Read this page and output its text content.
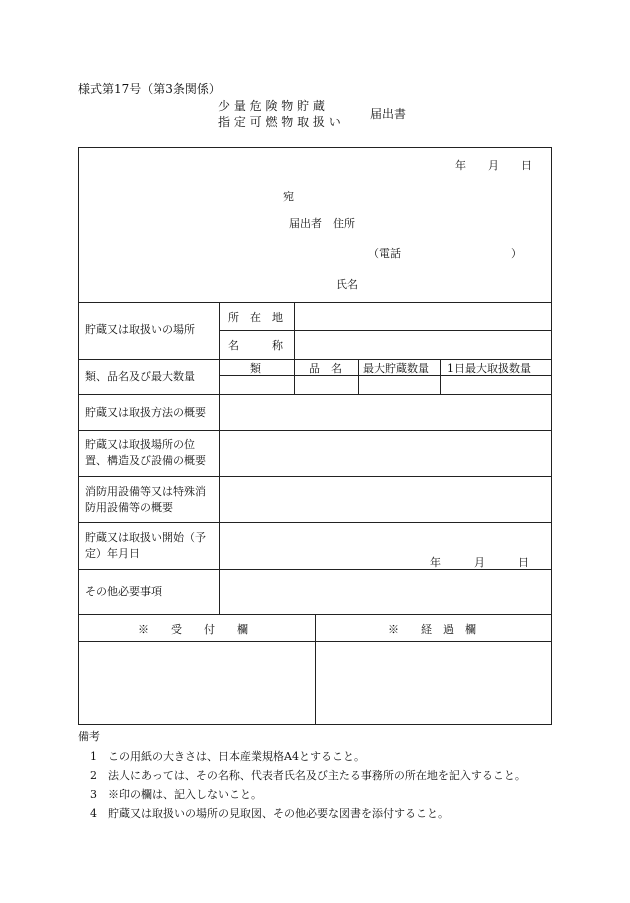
様式第17号（第3条関係）
少 量 危 険 物 貯 蔵
指 定 可 燃 物 取 扱 い
届出書
年　　月　　日
宛
届出者　住所
（電話　　　　　　　　　　）
氏名
貯蔵又は取扱いの場所
所　在　地
名　　　称
類、品名及び最大数量
類	品　名 最大貯蔵数量 1日最大取扱数量
貯蔵又は取扱方法の概要
貯蔵又は取扱場所の位置、構造及び設備の概要
消防用設備等又は特殊消防用設備等の概要
貯蔵又は取扱い開始（予定）年月日
年　　　月　　　日
その他必要事項
※　　受　　付　　欄	※　　経　過　欄
備考
1　この用紙の大きさは、日本産業規格A4とすること。
2　法人にあっては、その名称、代表者氏名及び主たる事務所の所在地を記入すること。
3　※印の欄は、記入しないこと。
4　貯蔵又は取扱いの場所の見取図、その他必要な図書を添付すること。
